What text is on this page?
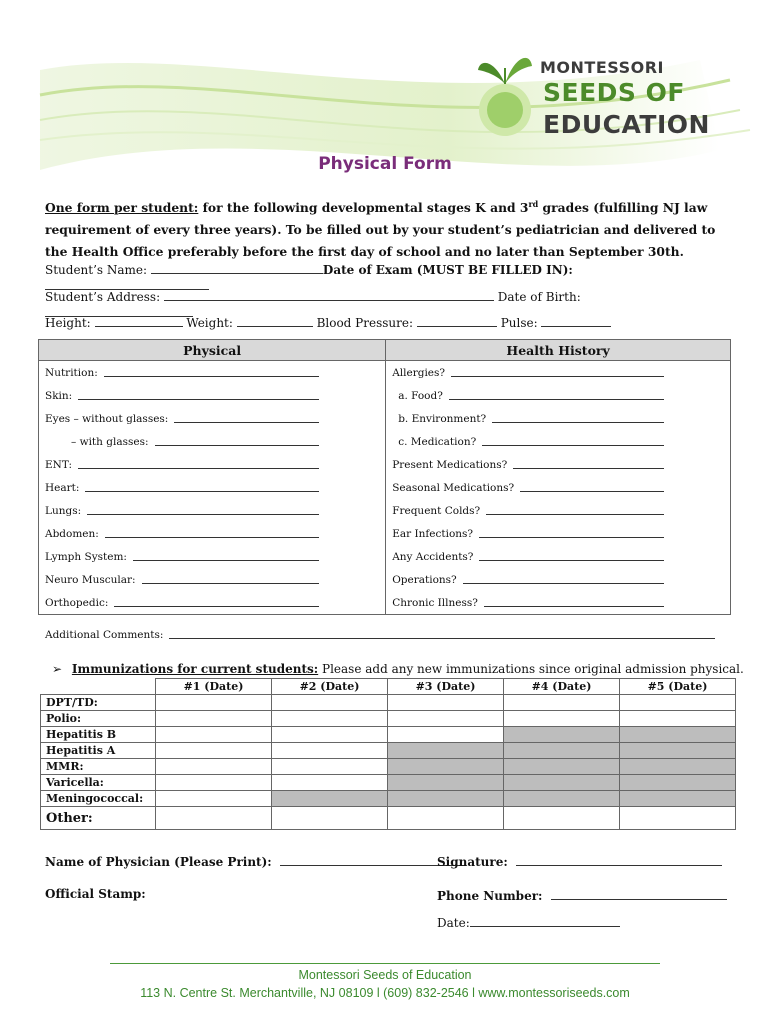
MONTESSORI
SEEDS OF
EDUCATION
Physical Form
One form per student: for the following developmental stages K and 3rd grades (fulfilling NJ law requirement of every three years). To be filled out by your student’s pediatrician and delivered to the Health Office preferably before the first day of school and no later than September 30th.
Student’s Name:	Date of Exam (MUST BE FILLED IN):
Student’s Address:	Date of Birth:
Height:	Weight:	Blood Pressure:	Pulse:
Physical	Health History

Nutrition:	Allergies?

Skin:	a. Food?

Eyes – without glasses:	b. Environment?

– with glasses:	c. Medication?

ENT:	Present Medications?

Heart:	Seasonal Medications?

Lungs:	Frequent Colds?

Abdomen:	Ear Infections?

Lymph System:	Any Accidents?

Neuro Muscular:	Operations?

Orthopedic:	Chronic Illness?
Additional Comments:
➢ Immunizations for current students: Please add any new immunizations since original admission physical.
	#1 (Date)	#2 (Date)	#3 (Date)	#4 (Date)	#5 (Date)
DPT/TD:					
Polio:					
Hepatitis B					
Hepatitis A					
MMR:					
Varicella:					
Meningococcal:					
Other:					
Name of Physician (Please Print):	Signature:
Official Stamp:	Phone Number:
Date:
Montessori Seeds of Education
113 N. Centre St. Merchantville, NJ 08109 l (609) 832-2546 l www.montessoriseeds.com
